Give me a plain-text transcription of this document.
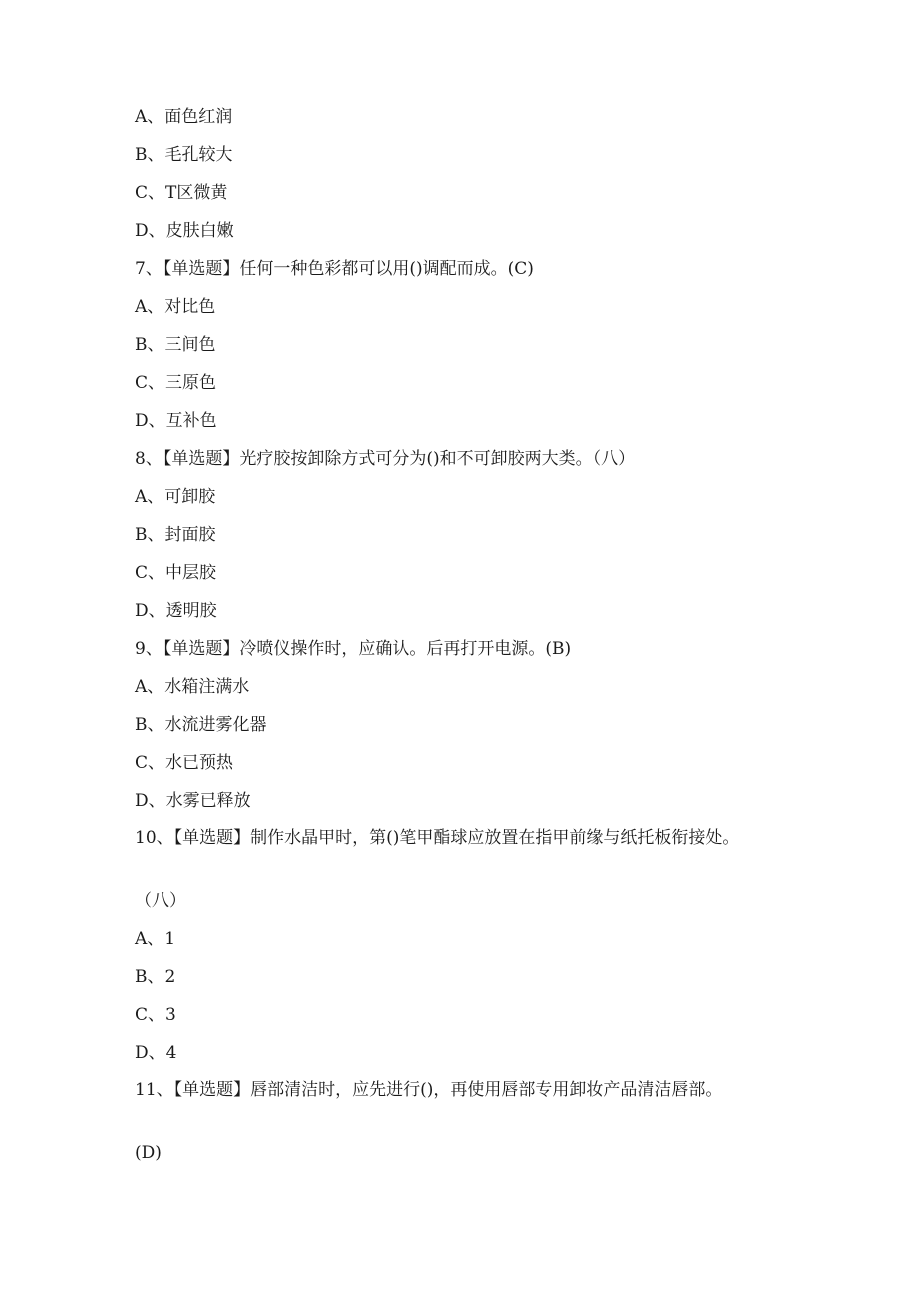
A、面色红润
B、毛孔较大
C、T区微黄
D、皮肤白嫩
7、【单选题】任何一种色彩都可以用()调配而成。(C)
A、对比色
B、三间色
C、三原色
D、互补色
8、【单选题】光疗胶按卸除方式可分为()和不可卸胶两大类。（八）
A、可卸胶
B、封面胶
C、中层胶
D、透明胶
9、【单选题】冷喷仪操作时，应确认。后再打开电源。(B)
A、水箱注满水
B、水流进雾化器
C、水已预热
D、水雾已释放
10、【单选题】制作水晶甲时，第()笔甲酯球应放置在指甲前缘与纸托板衔接处。
（八）
A、1
B、2
C、3
D、4
11、【单选题】唇部清洁时，应先进行()，再使用唇部专用卸妆产品清洁唇部。
(D)
